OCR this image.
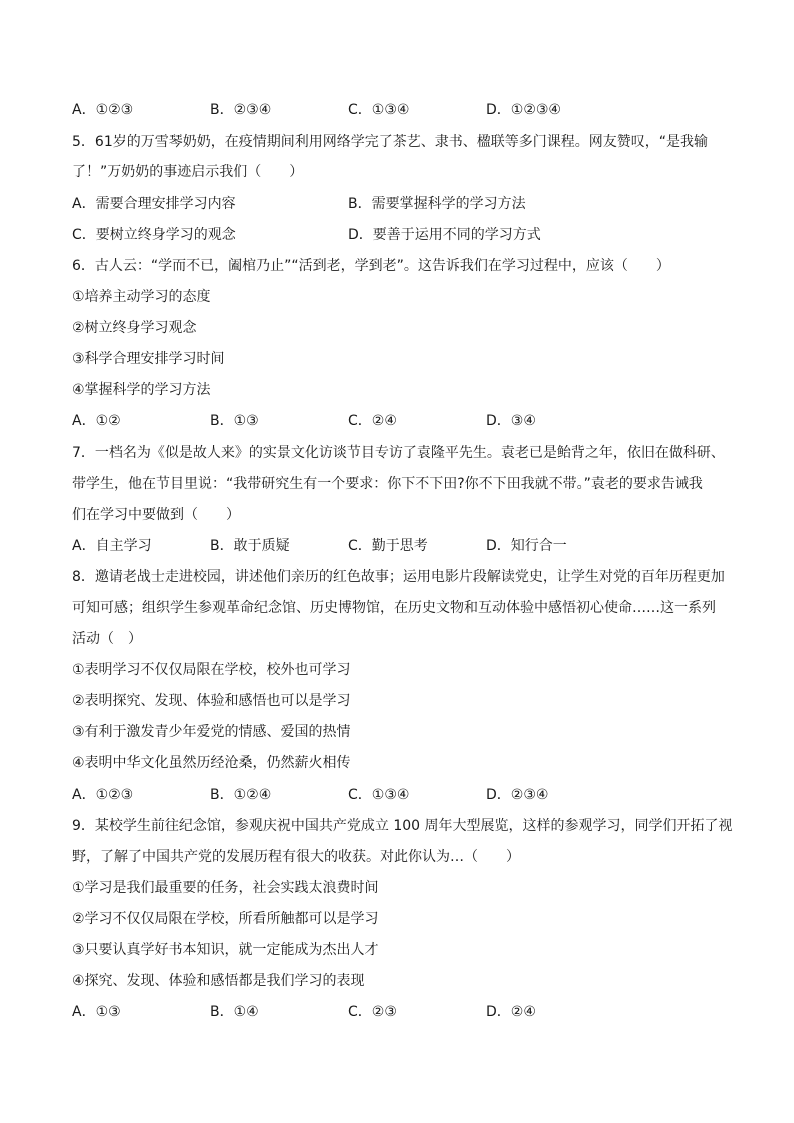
A．①②③	B．②③④	C．①③④	D．①②③④
5．61岁的万雪琴奶奶，在疫情期间利用网络学完了茶艺、隶书、楹联等多门课程。网友赞叹，“是我输
了！”万奶奶的事迹启示我们（　　）
A．需要合理安排学习内容	B．需要掌握科学的学习方法
C．要树立终身学习的观念	D．要善于运用不同的学习方式
6．古人云：“学而不已，阖棺乃止”“活到老，学到老”。这告诉我们在学习过程中，应该（　　）
①培养主动学习的态度
②树立终身学习观念
③科学合理安排学习时间
④掌握科学的学习方法
A．①②	B．①③	C．②④	D．③④
7．一档名为《似是故人来》的实景文化访谈节目专访了袁隆平先生。袁老已是鲐背之年，依旧在做科研、
带学生，他在节目里说：“我带研究生有一个要求：你下不下田?你不下田我就不带。”袁老的要求告诫我
们在学习中要做到（　　）
A．自主学习	B．敢于质疑	C．勤于思考	D．知行合一
8．邀请老战士走进校园，讲述他们亲历的红色故事；运用电影片段解读党史，让学生对党的百年历程更加
可知可感；组织学生参观革命纪念馆、历史博物馆，在历史文物和互动体验中感悟初心使命……这一系列
活动（　）
①表明学习不仅仅局限在学校，校外也可学习
②表明探究、发现、体验和感悟也可以是学习
③有利于激发青少年爱党的情感、爱国的热情
④表明中华文化虽然历经沧桑，仍然薪火相传
A．①②③	B．①②④	C．①③④	D．②③④
9．某校学生前往纪念馆，参观庆祝中国共产党成立 100 周年大型展览，这样的参观学习，同学们开拓了视
野，了解了中国共产党的发展历程有很大的收获。对此你认为…（　　）
①学习是我们最重要的任务，社会实践太浪费时间
②学习不仅仅局限在学校，所看所触都可以是学习
③只要认真学好书本知识，就一定能成为杰出人才
④探究、发现、体验和感悟都是我们学习的表现
A．①③	B．①④	C．②③	D．②④
